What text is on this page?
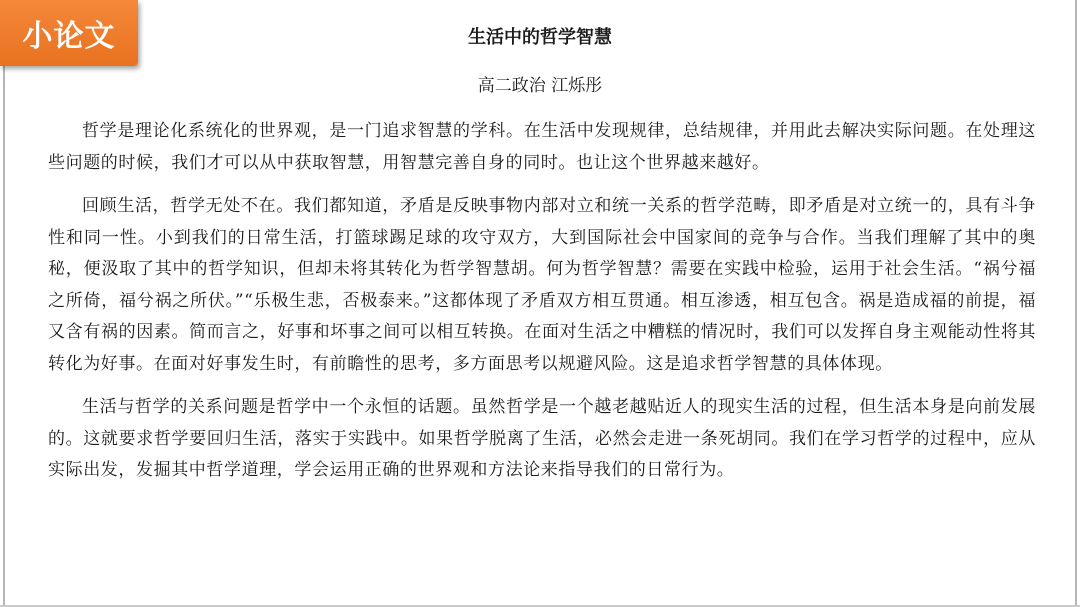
小论文	生活中的哲学智慧
高二政治 江烁彤

哲学是理论化系统化的世界观，是一门追求智慧的学科。在生活中发现规律，总结规律，并用此去解决实际问题。在处理这些问题的时候，我们才可以从中获取智慧，用智慧完善自身的同时。也让这个世界越来越好。

回顾生活，哲学无处不在。我们都知道，矛盾是反映事物内部对立和统一关系的哲学范畴，即矛盾是对立统一的，具有斗争性和同一性。小到我们的日常生活，打篮球踢足球的攻守双方，大到国际社会中国家间的竞争与合作。当我们理解了其中的奥秘，便汲取了其中的哲学知识，但却未将其转化为哲学智慧胡。何为哲学智慧？需要在实践中检验，运用于社会生活。“祸兮福之所倚，福兮祸之所伏。”“乐极生悲，否极泰来。”这都体现了矛盾双方相互贯通。相互渗透，相互包含。祸是造成福的前提，福又含有祸的因素。简而言之，好事和坏事之间可以相互转换。在面对生活之中糟糕的情况时，我们可以发挥自身主观能动性将其转化为好事。在面对好事发生时，有前瞻性的思考，多方面思考以规避风险。这是追求哲学智慧的具体体现。

生活与哲学的关系问题是哲学中一个永恒的话题。虽然哲学是一个越老越贴近人的现实生活的过程，但生活本身是向前发展的。这就要求哲学要回归生活，落实于实践中。如果哲学脱离了生活，必然会走进一条死胡同。我们在学习哲学的过程中，应从实际出发，发掘其中哲学道理，学会运用正确的世界观和方法论来指导我们的日常行为。
